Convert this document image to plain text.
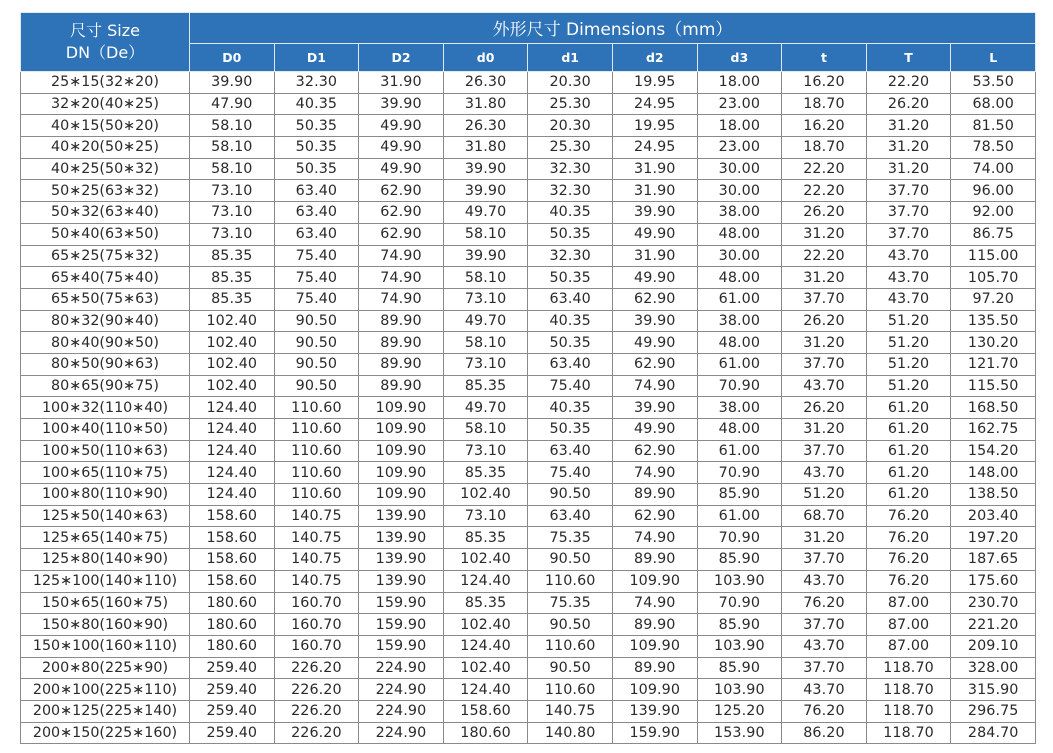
尺寸 Size
DN（De）	外形尺寸 Dimensions（mm）									
	D0	D1	D2	d0	d1	d2	d3	t	T	L
25∗15(32∗20)	39.90	32.30	31.90	26.30	20.30	19.95	18.00	16.20	22.20	53.50
32∗20(40∗25)	47.90	40.35	39.90	31.80	25.30	24.95	23.00	18.70	26.20	68.00
40∗15(50∗20)	58.10	50.35	49.90	26.30	20.30	19.95	18.00	16.20	31.20	81.50
40∗20(50∗25)	58.10	50.35	49.90	31.80	25.30	24.95	23.00	18.70	31.20	78.50
40∗25(50∗32)	58.10	50.35	49.90	39.90	32.30	31.90	30.00	22.20	31.20	74.00
50∗25(63∗32)	73.10	63.40	62.90	39.90	32.30	31.90	30.00	22.20	37.70	96.00
50∗32(63∗40)	73.10	63.40	62.90	49.70	40.35	39.90	38.00	26.20	37.70	92.00
50∗40(63∗50)	73.10	63.40	62.90	58.10	50.35	49.90	48.00	31.20	37.70	86.75
65∗25(75∗32)	85.35	75.40	74.90	39.90	32.30	31.90	30.00	22.20	43.70	115.00
65∗40(75∗40)	85.35	75.40	74.90	58.10	50.35	49.90	48.00	31.20	43.70	105.70
65∗50(75∗63)	85.35	75.40	74.90	73.10	63.40	62.90	61.00	37.70	43.70	97.20
80∗32(90∗40)	102.40	90.50	89.90	49.70	40.35	39.90	38.00	26.20	51.20	135.50
80∗40(90∗50)	102.40	90.50	89.90	58.10	50.35	49.90	48.00	31.20	51.20	130.20
80∗50(90∗63)	102.40	90.50	89.90	73.10	63.40	62.90	61.00	37.70	51.20	121.70
80∗65(90∗75)	102.40	90.50	89.90	85.35	75.40	74.90	70.90	43.70	51.20	115.50
100∗32(110∗40)	124.40	110.60	109.90	49.70	40.35	39.90	38.00	26.20	61.20	168.50
100∗40(110∗50)	124.40	110.60	109.90	58.10	50.35	49.90	48.00	31.20	61.20	162.75
100∗50(110∗63)	124.40	110.60	109.90	73.10	63.40	62.90	61.00	37.70	61.20	154.20
100∗65(110∗75)	124.40	110.60	109.90	85.35	75.40	74.90	70.90	43.70	61.20	148.00
100∗80(110∗90)	124.40	110.60	109.90	102.40	90.50	89.90	85.90	51.20	61.20	138.50
125∗50(140∗63)	158.60	140.75	139.90	73.10	63.40	62.90	61.00	68.70	76.20	203.40
125∗65(140∗75)	158.60	140.75	139.90	85.35	75.35	74.90	70.90	31.20	76.20	197.20
125∗80(140∗90)	158.60	140.75	139.90	102.40	90.50	89.90	85.90	37.70	76.20	187.65
125∗100(140∗110)	158.60	140.75	139.90	124.40	110.60	109.90	103.90	43.70	76.20	175.60
150∗65(160∗75)	180.60	160.70	159.90	85.35	75.35	74.90	70.90	76.20	87.00	230.70
150∗80(160∗90)	180.60	160.70	159.90	102.40	90.50	89.90	85.90	37.70	87.00	221.20
150∗100(160∗110)	180.60	160.70	159.90	124.40	110.60	109.90	103.90	43.70	87.00	209.10
200∗80(225∗90)	259.40	226.20	224.90	102.40	90.50	89.90	85.90	37.70	118.70	328.00
200∗100(225∗110)	259.40	226.20	224.90	124.40	110.60	109.90	103.90	43.70	118.70	315.90
200∗125(225∗140)	259.40	226.20	224.90	158.60	140.75	139.90	125.20	76.20	118.70	296.75
200∗150(225∗160)	259.40	226.20	224.90	180.60	140.80	159.90	153.90	86.20	118.70	284.70
